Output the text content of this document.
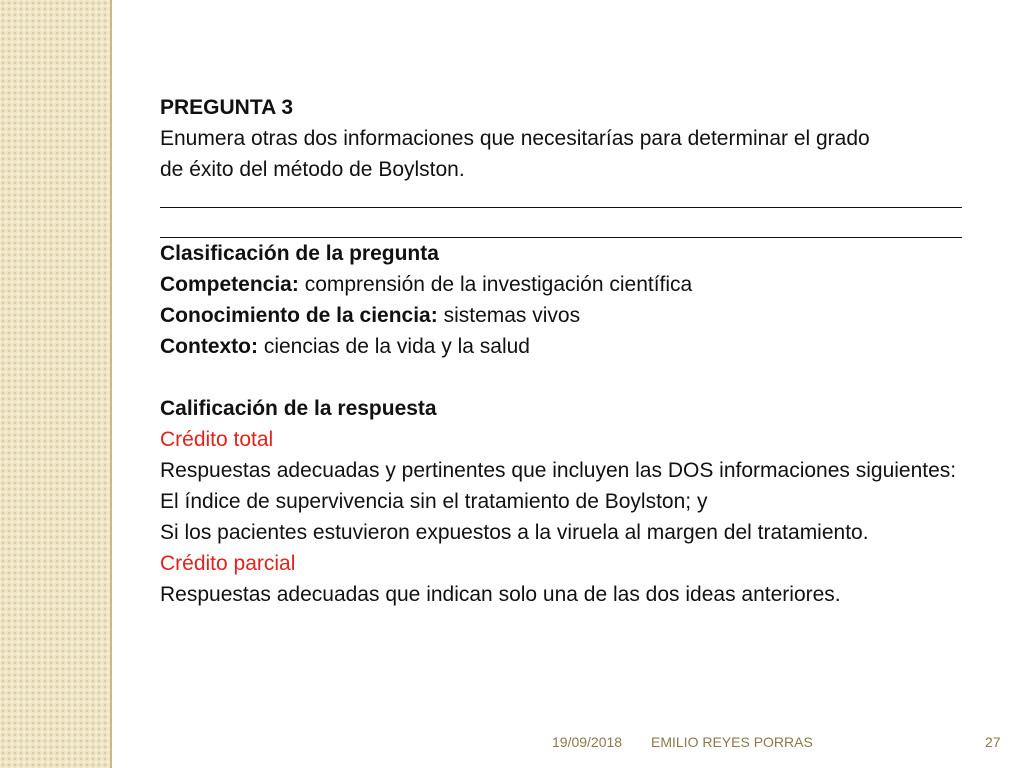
PREGUNTA 3
Enumera otras dos informaciones que necesitarías para determinar el grado
de éxito del método de Boylston.
Clasificación de la pregunta
Competencia: comprensión de la investigación científica
Conocimiento de la ciencia: sistemas vivos
Contexto: ciencias de la vida y la salud
Calificación de la respuesta
Crédito total
Respuestas adecuadas y pertinentes que incluyen las DOS informaciones siguientes:
El índice de supervivencia sin el tratamiento de Boylston; y
Si los pacientes estuvieron expuestos a la viruela al margen del tratamiento.
Crédito parcial
Respuestas adecuadas que indican solo una de las dos ideas anteriores.
19/09/2018 EMILIO REYES PORRAS	27
